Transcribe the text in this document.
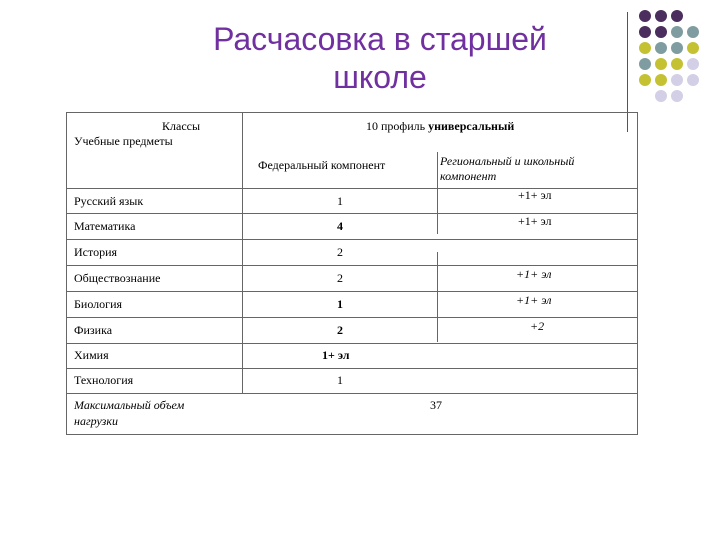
Расчасовка в старшей
школе
Классы
Учебные предметы
10 профиль универсальный
Федеральный компонент	Региональный и школьный
компонент
Русский язык	1	+1+ эл
Математика	4	+1+ эл
История	2
Обществознание	2	+1+ эл
Биология	1	+1+ эл
Физика	2	+2
Химия	1+ эл
Технология	1
Максимальный объем
нагрузки
37
